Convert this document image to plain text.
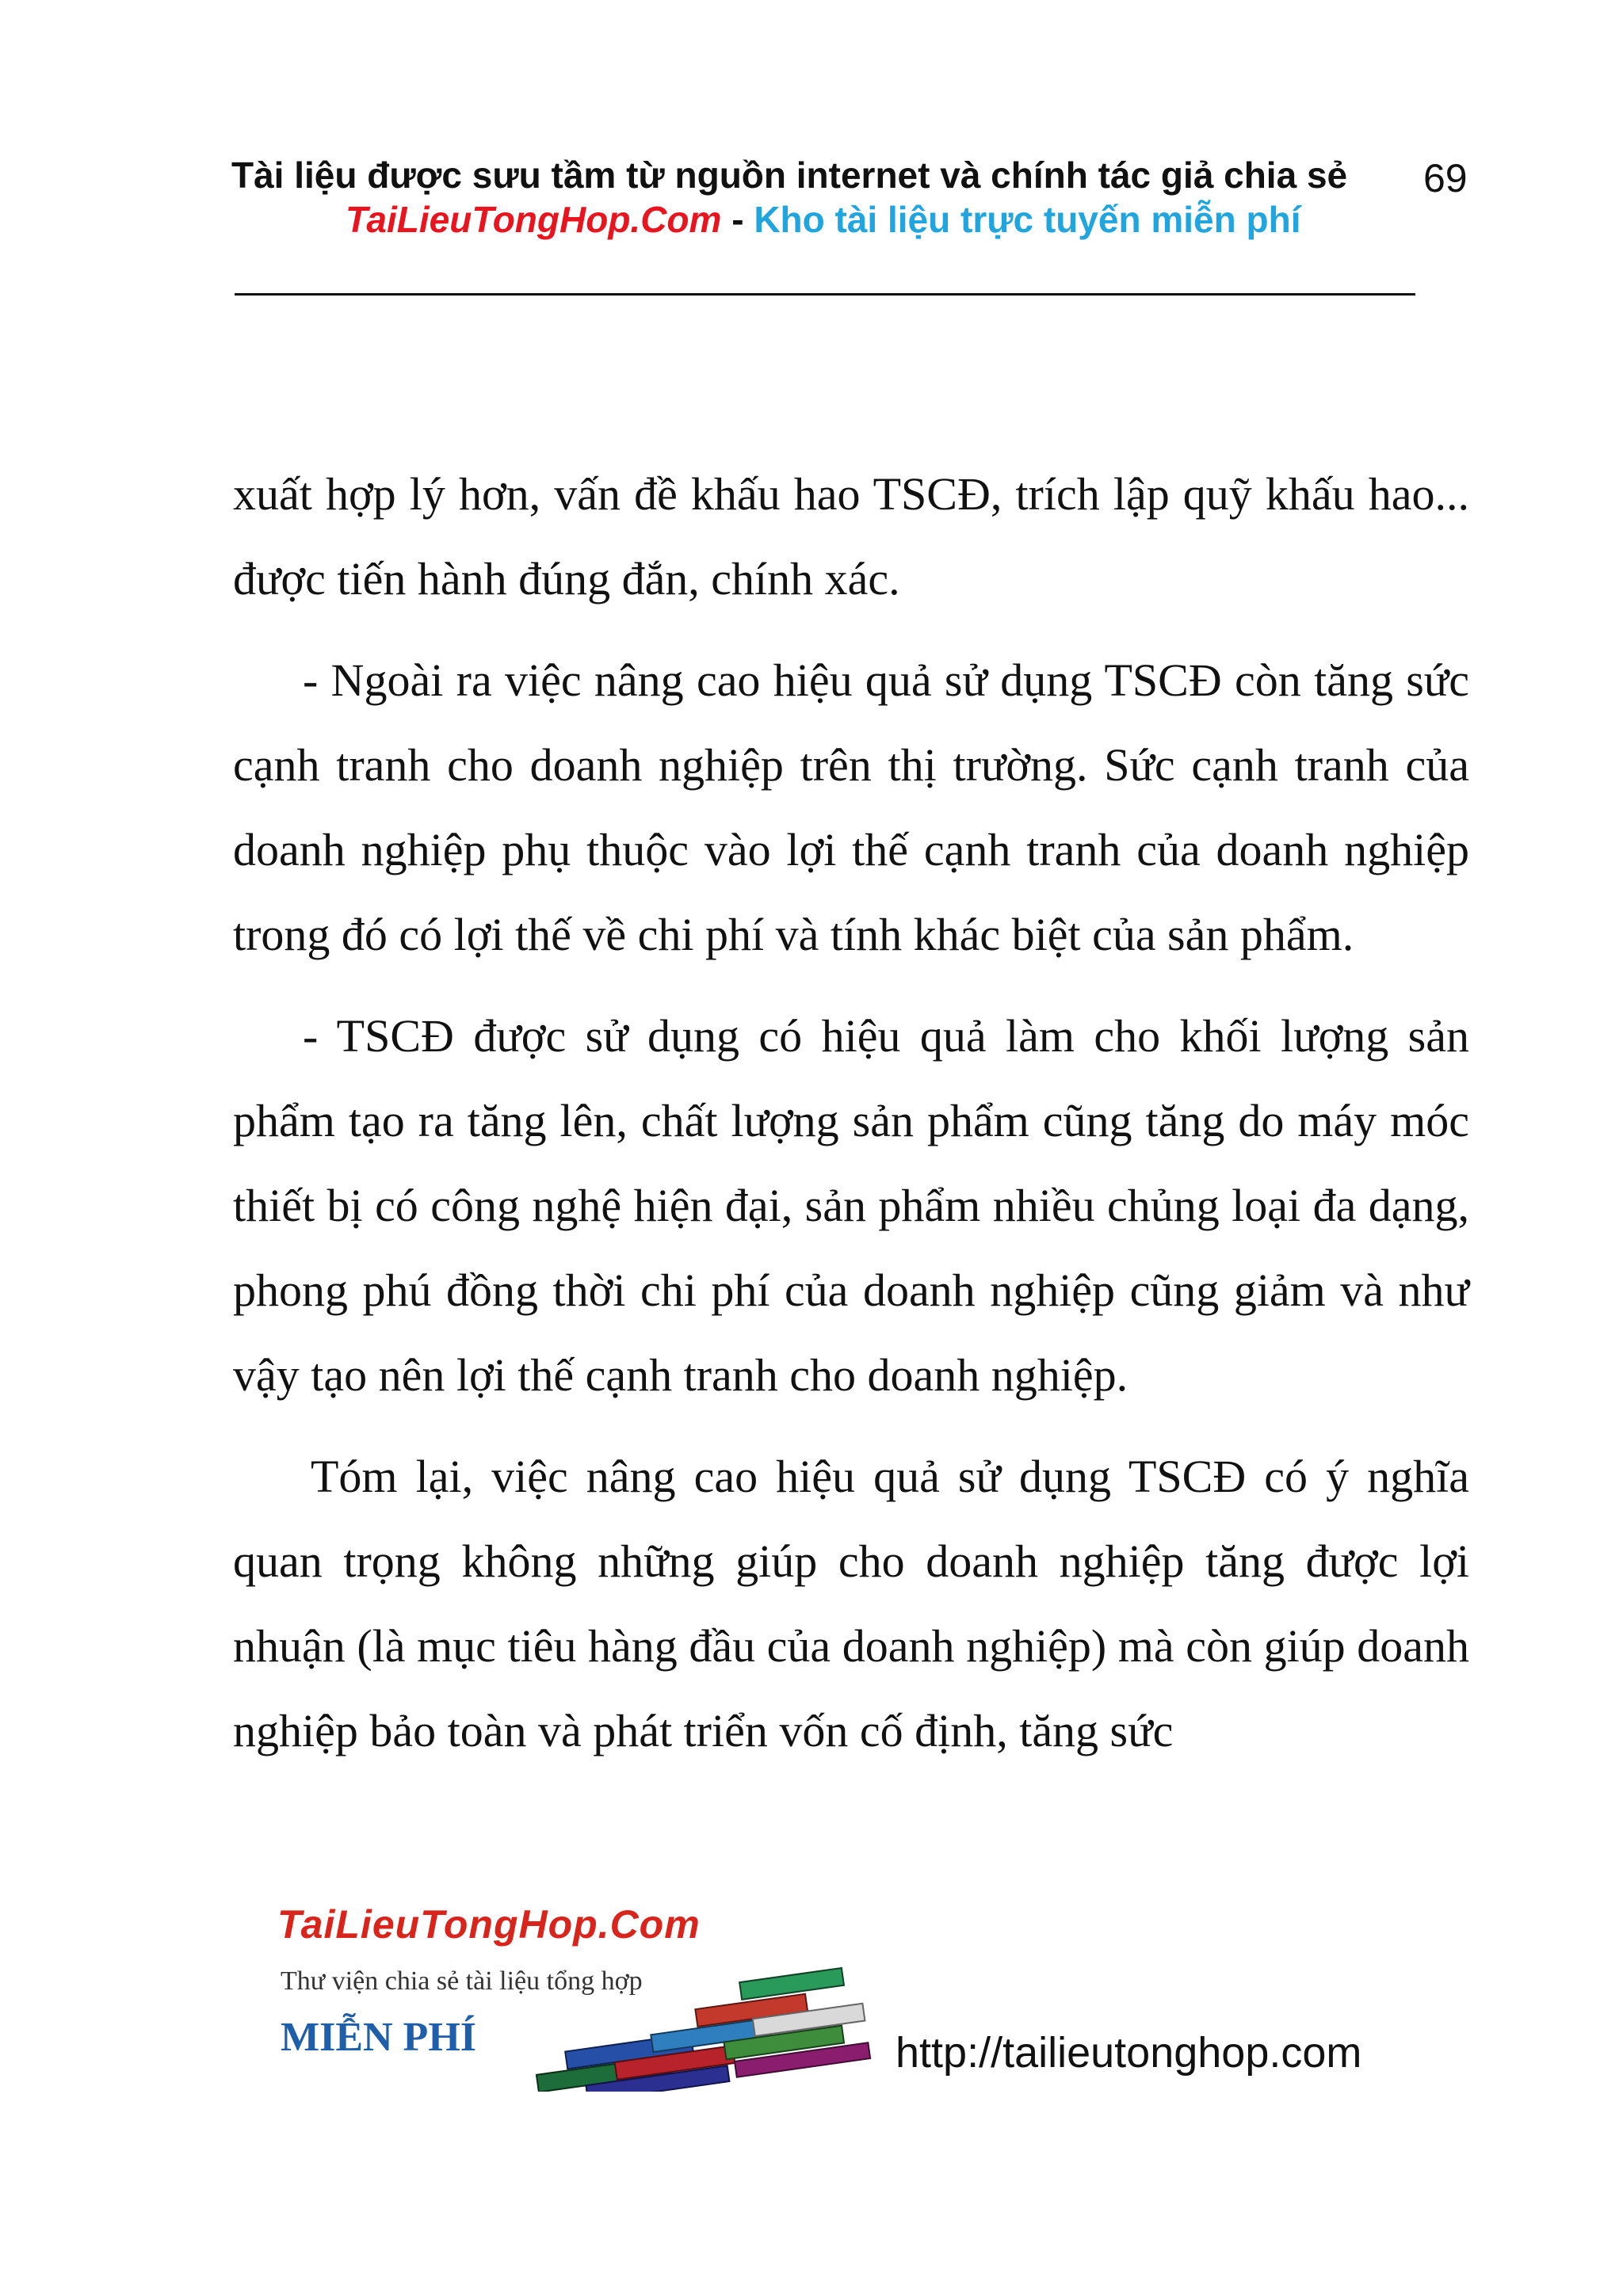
Tài liệu được sưu tầm từ nguồn internet và chính tác giả chia sẻ 69
TaiLieuTongHop.Com - Kho tài liệu trực tuyến miễn phí

xuất hợp lý hơn, vấn đề khấu hao TSCĐ, trích lập quỹ khấu hao... được tiến hành đúng đắn, chính xác.

- Ngoài ra việc nâng cao hiệu quả sử dụng TSCĐ còn tăng sức cạnh tranh cho doanh nghiệp trên thị trường. Sức cạnh tranh của doanh nghiệp phụ thuộc vào lợi thế cạnh tranh của doanh nghiệp trong đó có lợi thế về chi phí và tính khác biệt của sản phẩm.

- TSCĐ được sử dụng có hiệu quả làm cho khối lượng sản phẩm tạo ra tăng lên, chất lượng sản phẩm cũng tăng do máy móc thiết bị có công nghệ hiện đại, sản phẩm nhiều chủng loại đa dạng, phong phú đồng thời chi phí của doanh nghiệp cũng giảm và như vậy tạo nên lợi thế cạnh tranh cho doanh nghiệp.

Tóm lại, việc nâng cao hiệu quả sử dụng TSCĐ có ý nghĩa quan trọng không những giúp cho doanh nghiệp tăng được lợi nhuận (là mục tiêu hàng đầu của doanh nghiệp) mà còn giúp doanh nghiệp bảo toàn và phát triển vốn cố định, tăng sức

TaiLieuTongHop.Com
Thư viện chia sẻ tài liệu tổng hợp
MIỄN PHÍ	http://tailieutonghop.com
